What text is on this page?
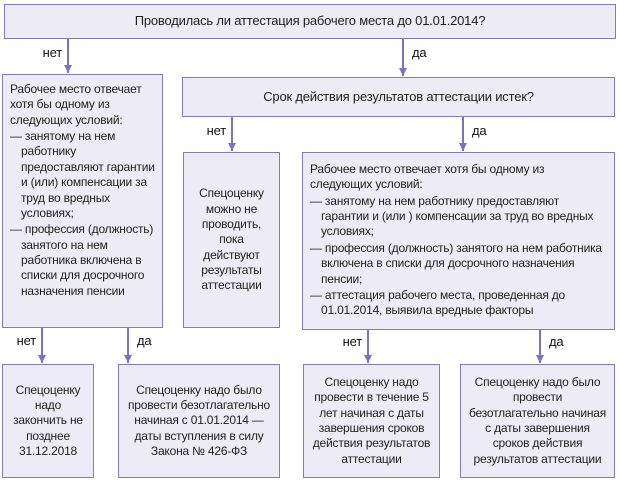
Проводилась ли аттестация рабочего места до 01.01.2014?
нет	да
Рабочее место отвечает хотя бы одному из следующих условий:
— занятому на нем работнику предоставляют гарантии и (или) компенсации за труд во вредных условиях;
— профессия (должность) занятого на нем работника включена в списки для досрочного назначения пенсии
Срок действия результатов аттестации истек?
нет	да
Спецоценку можно не проводить, пока действуют результаты аттестации
Рабочее место отвечает хотя бы одному из следующих условий:
— занятому на нем работнику предоставляют гарантии и (или ) компенсации за труд во вредных условиях;
— профессия (должность) занятого на нем работника включена в списки для досрочного назначения пенсии;
— аттестация рабочего места, проведенная до 01.01.2014, выявила вредные факторы
нет	да	нет	да
Спецоценку надо закончить не позднее 31.12.2018
Спецоценку надо было провести безотлагательно начиная с 01.01.2014 — даты вступления в силу Закона № 426-ФЗ
Спецоценку надо провести в течение 5 лет начиная с даты завершения сроков действия результатов аттестации
Спецоценку надо было провести безотлагательно начиная с даты завершения сроков действия результатов аттестации
